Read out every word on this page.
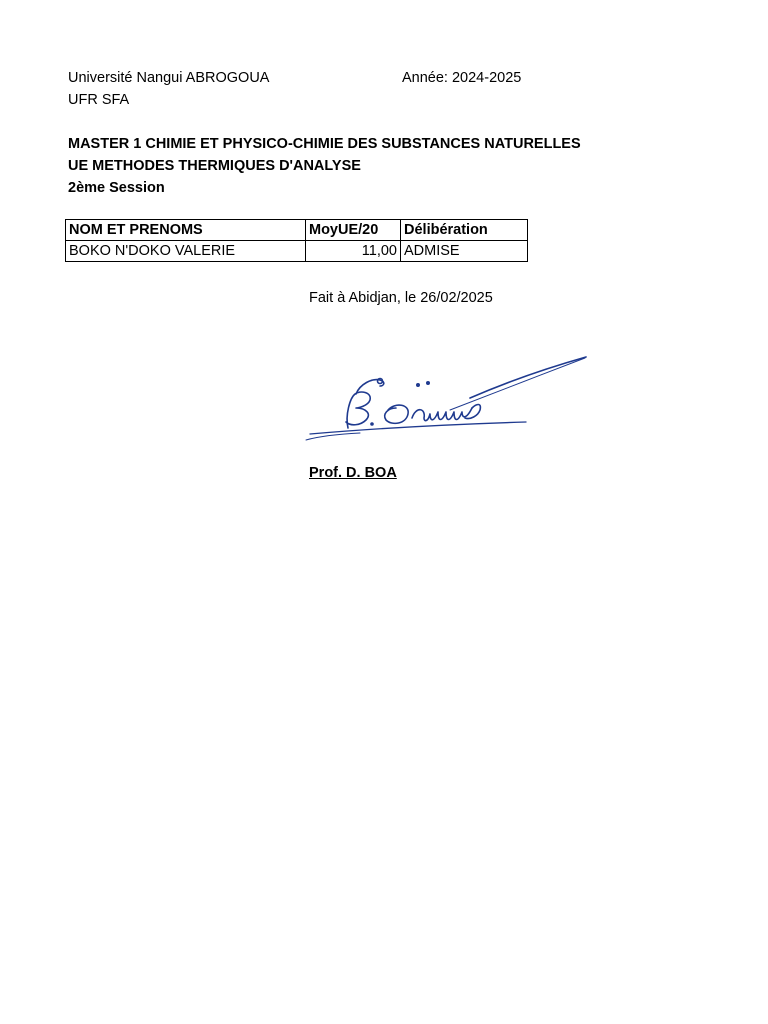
Université Nangui ABROGOUA	Année: 2024-2025
UFR SFA
MASTER 1 CHIMIE ET PHYSICO-CHIMIE DES SUBSTANCES NATURELLES
UE METHODES THERMIQUES D'ANALYSE
2ème Session
NOM ET PRENOMS	MoyUE/20	Délibération
BOKO N'DOKO VALERIE	11,00	ADMISE
Fait à Abidjan, le 26/02/2025
Prof. D. BOA
